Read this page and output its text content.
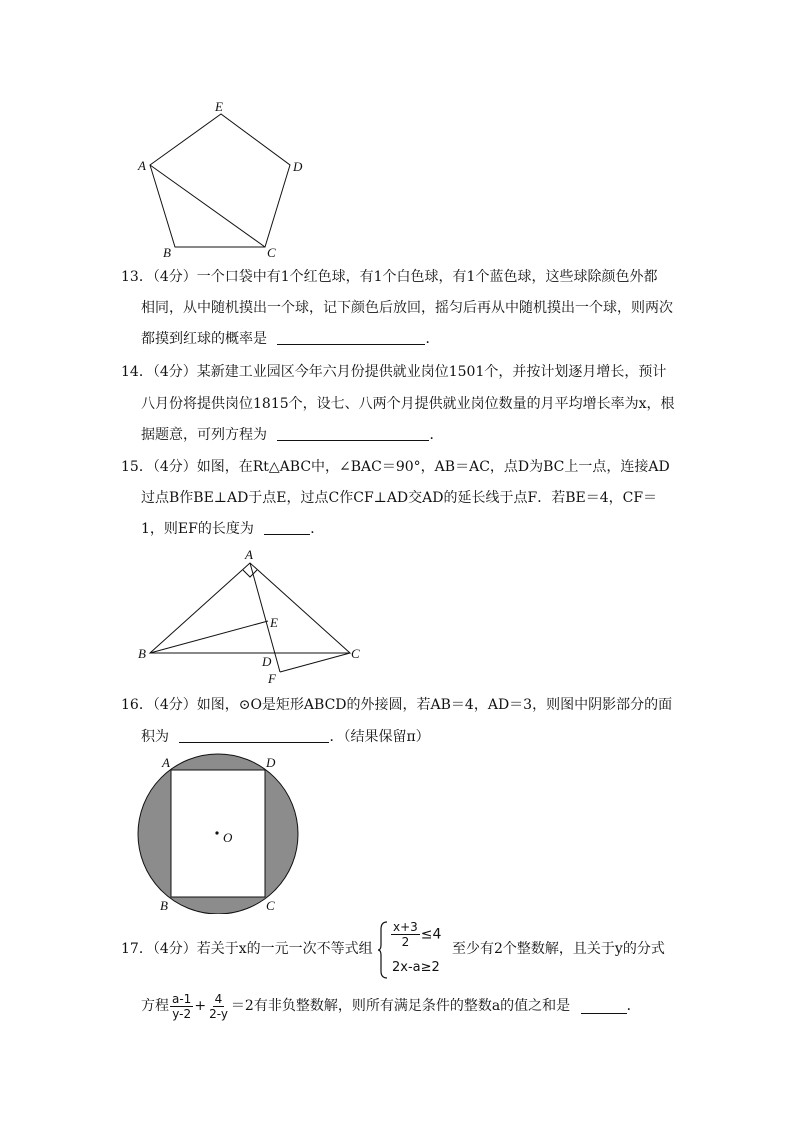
E
A	D
B	C
13．（4分）一个口袋中有1个红色球，有1个白色球，有1个蓝色球，这些球除颜色外都
相同，从中随机摸出一个球，记下颜色后放回，摇匀后再从中随机摸出一个球，则两次
都摸到红球的概率是	．
14．（4分）某新建工业园区今年六月份提供就业岗位1501个，并按计划逐月增长，预计
八月份将提供岗位1815个，设七、八两个月提供就业岗位数量的月平均增长率为x，根
据题意，可列方程为	．
15．（4分）如图，在Rt△ABC中，∠BAC＝90°，AB＝AC，点D为BC上一点，连接AD
过点B作BE⊥AD于点E，过点C作CF⊥AD交AD的延长线于点F．若BE＝4，CF＝
1，则EF的长度为	．
A
E
B	C
D
F
16．（4分）如图，⊙O是矩形ABCD的外接圆，若AB＝4，AD＝3，则图中阴影部分的面
积为	．（结果保留π）
A	D
O
B	C
17．（4分）若关于x的一元一次不等式组 $\frac{x+3}{2} \le 4$
2x-a≥2
至少有2个整数解，且关于y的分式
方程 $\frac{a-1}{y-2} + \frac{4}{2-y} =2$有非负整数解，则所有满足条件的整数a的值之和是	．
